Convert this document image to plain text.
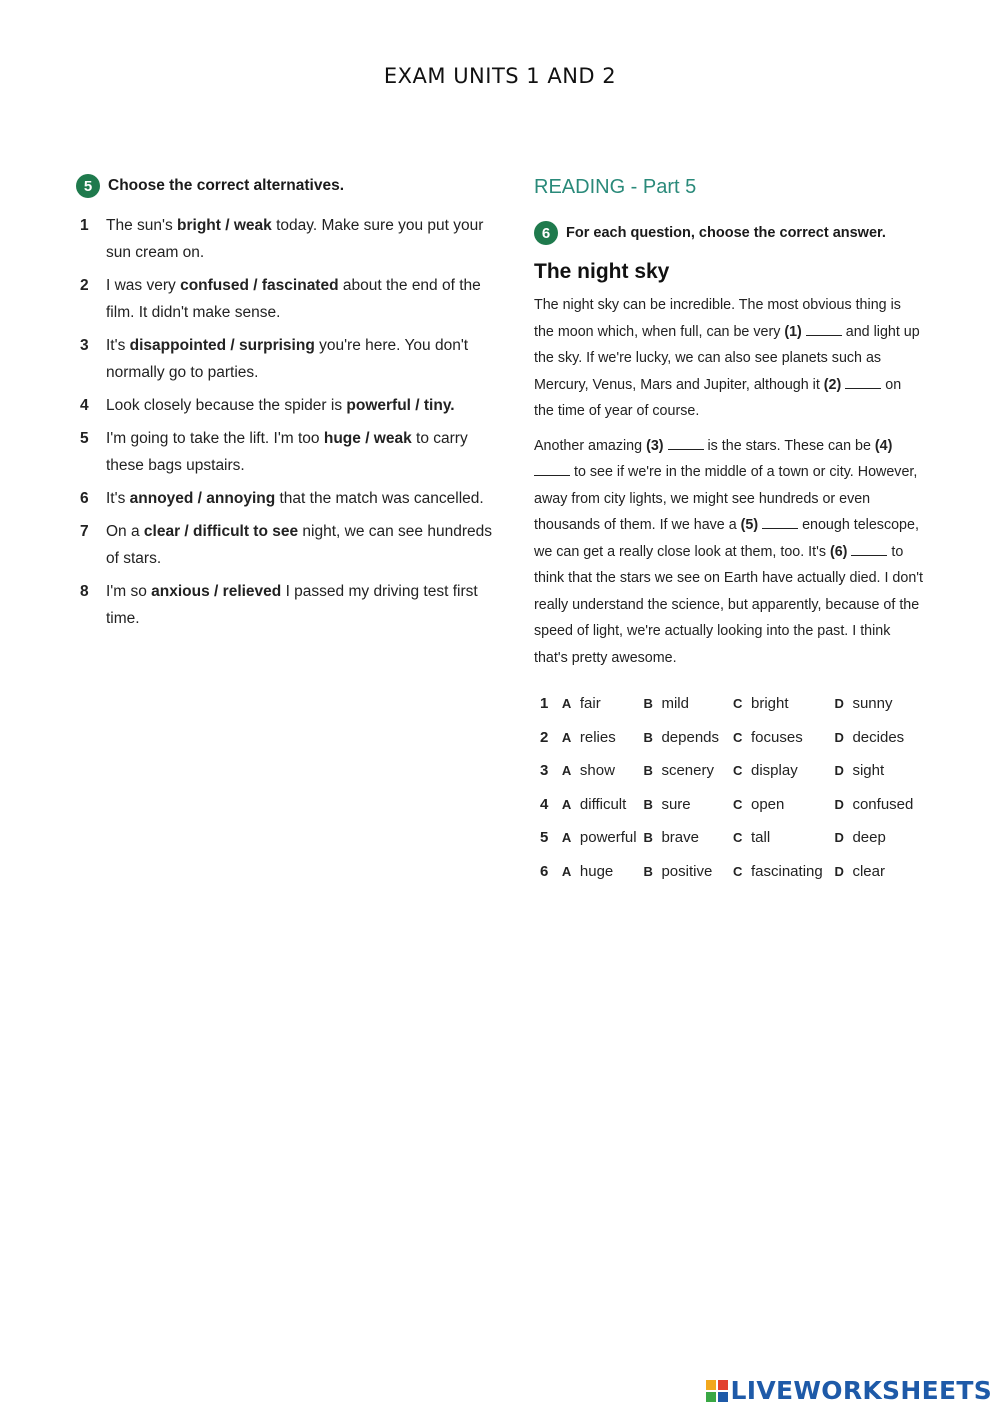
EXAM UNITS 1 AND 2
5	Choose the correct alternatives.
1	The sun's bright / weak today. Make sure you put your sun cream on.
2	I was very confused / fascinated about the end of the film. It didn't make sense.
3	It's disappointed / surprising you're here. You don't normally go to parties.
4	Look closely because the spider is powerful / tiny.
5	I'm going to take the lift. I'm too huge / weak to carry these bags upstairs.
6	It's annoyed / annoying that the match was cancelled.
7	On a clear / difficult to see night, we can see hundreds of stars.
8	I'm so anxious / relieved I passed my driving test first time.
READING - Part 5
6	For each question, choose the correct answer.
The night sky

The night sky can be incredible. The most obvious thing is the moon which, when full, can be very (1)	and light up the sky. If we're lucky, we can also see planets such as Mercury, Venus, Mars and Jupiter, although it (2)	on the time of year of course.

Another amazing (3)	is the stars. These can be (4)  to see if we're in the middle of a town or city. However, away from city lights, we might see hundreds or even thousands of them. If we have a (5)	enough telescope, we can get a really close look at them, too. It's (6)	to think that the stars we see on Earth have actually died. I don't really understand the science, but apparently, because of the speed of light, we're actually looking into the past. I think that's pretty awesome.

1	A fair	B mild	C bright	D sunny
2	A relies B depends C focuses D decides
3	A show B scenery C display	D sight
4	A difficult B sure	C open	D confused
5	A powerful B brave	C tall	D deep
6	A huge B positive C fascinating D clear
LIVEWORKSHEETS
